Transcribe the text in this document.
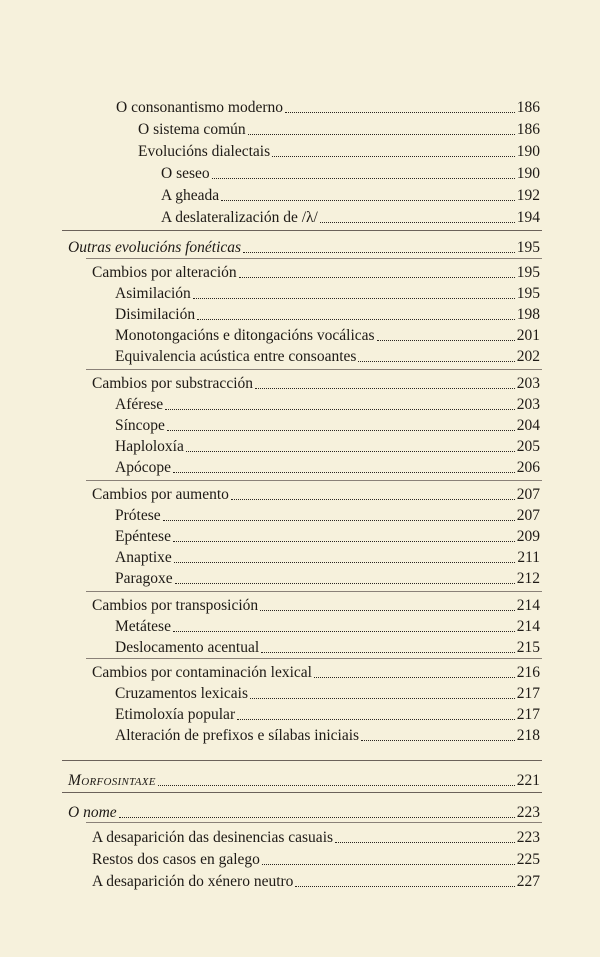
O consonantismo moderno	186
O sistema común	186
Evolucións dialectais	190
O seseo	190
A gheada	192
A deslateralización de /λ/	194
Outras evolucións fonéticas	195
Cambios por alteración	195
Asimilación	195
Disimilación	198
Monotongacións e ditongacións vocálicas	201
Equivalencia acústica entre consoantes	202
Cambios por substracción	203
Aférese	203
Síncope	204
Haploloxía	205
Apócope	206
Cambios por aumento	207
Prótese	207
Epéntese	209
Anaptixe	211
Paragoxe	212
Cambios por transposición	214
Metátese	214
Deslocamento acentual	215
Cambios por contaminación lexical	216
Cruzamentos lexicais	217
Etimoloxía popular	217
Alteración de prefixos e sílabas iniciais	218
Morfosintaxe	221
O nome	223
A desaparición das desinencias casuais	223
Restos dos casos en galego	225
A desaparición do xénero neutro	227
